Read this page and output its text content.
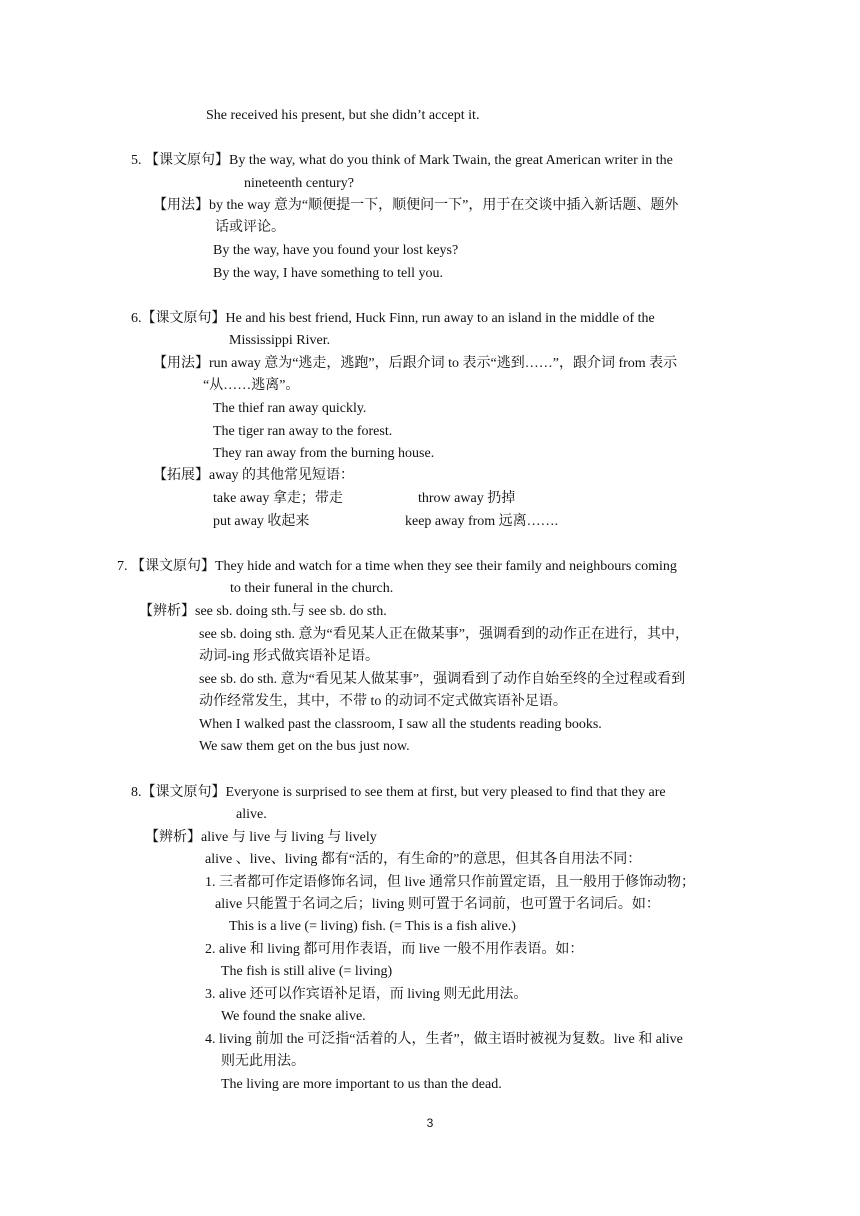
She received his present, but she didn’t accept it.
5. 【课文原句】By the way, what do you think of Mark Twain, the great American writer in the
nineteenth century?
【用法】by the way 意为“顺便提一下，顺便问一下”，用于在交谈中插入新话题、题外
话或评论。
By the way, have you found your lost keys?
By the way, I have something to tell you.
6.【课文原句】He and his best friend, Huck Finn, run away to an island in the middle of the
Mississippi River.
【用法】run away 意为“逃走，逃跑”，后跟介词 to 表示“逃到……”，跟介词 from 表示
“从……逃离”。
The thief ran away quickly.
The tiger ran away to the forest.
They ran away from the burning house.
【拓展】away 的其他常见短语：
take away 拿走；带走	throw away 扔掉
put away 收起来	keep away from 远离…….
7. 【课文原句】They hide and watch for a time when they see their family and neighbours coming
to their funeral in the church.
【辨析】see sb. doing sth.与 see sb. do sth.
see sb. doing sth. 意为“看见某人正在做某事”，强调看到的动作正在进行，其中，
动词-ing 形式做宾语补足语。
see sb. do sth. 意为“看见某人做某事”，强调看到了动作自始至终的全过程或看到
动作经常发生，其中，不带 to 的动词不定式做宾语补足语。
When I walked past the classroom, I saw all the students reading books.
We saw them get on the bus just now.
8.【课文原句】Everyone is surprised to see them at first, but very pleased to find that they are
alive.
【辨析】alive 与 live 与 living 与 lively
alive 、live、living 都有“活的，有生命的”的意思，但其各自用法不同：
1. 三者都可作定语修饰名词，但 live 通常只作前置定语，且一般用于修饰动物；
alive 只能置于名词之后；living 则可置于名词前，也可置于名词后。如：
This is a live (= living) fish. (= This is a fish alive.)
2. alive 和 living 都可用作表语，而 live 一般不用作表语。如：
The fish is still alive (= living)
3. alive 还可以作宾语补足语，而 living 则无此用法。
We found the snake alive.
4. living 前加 the 可泛指“活着的人，生者”，做主语时被视为复数。live 和 alive
则无此用法。
The living are more important to us than the dead.
3
